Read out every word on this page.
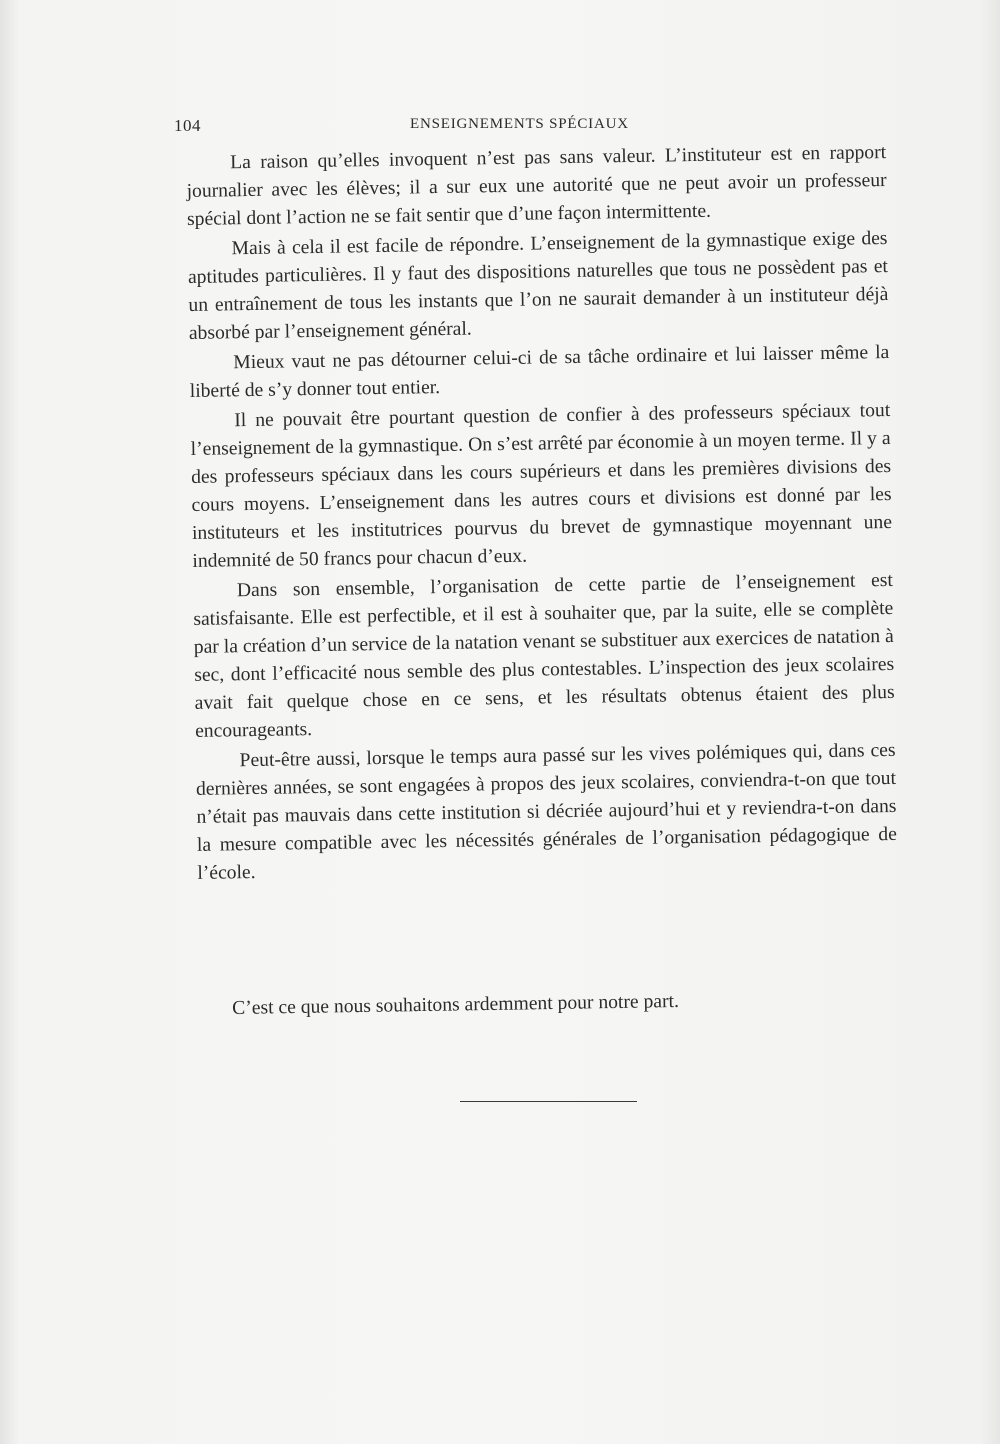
104	ENSEIGNEMENTS SPÉCIAUX

La raison qu’elles invoquent n’est pas sans valeur. L’instituteur est en rapport journalier avec les élèves; il a sur eux une autorité que ne peut avoir un professeur spécial dont l’action ne se fait sentir que d’une façon intermittente.

Mais à cela il est facile de répondre. L’enseignement de la gymnastique exige des aptitudes particulières. Il y faut des dispositions naturelles que tous ne possèdent pas et un entraînement de tous les instants que l’on ne saurait demander à un instituteur déjà absorbé par l’enseignement général.

Mieux vaut ne pas détourner celui-ci de sa tâche ordinaire et lui laisser même la liberté de s’y donner tout entier.

Il ne pouvait être pourtant question de confier à des professeurs spéciaux tout l’enseignement de la gymnastique. On s’est arrêté par économie à un moyen terme. Il y a des professeurs spéciaux dans les cours supérieurs et dans les premières divisions des cours moyens. L’enseignement dans les autres cours et divisions est donné par les instituteurs et les institutrices pourvus du brevet de gymnastique moyennant une indemnité de 50 francs pour chacun d’eux.

Dans son ensemble, l’organisation de cette partie de l’enseignement est satisfaisante. Elle est perfectible, et il est à souhaiter que, par la suite, elle se complète par la création d’un service de la natation venant se substituer aux exercices de natation à sec, dont l’efficacité nous semble des plus contestables. L’inspection des jeux scolaires avait fait quelque chose en ce sens, et les résultats obtenus étaient des plus encourageants.

Peut-être aussi, lorsque le temps aura passé sur les vives polémiques qui, dans ces dernières années, se sont engagées à propos des jeux scolaires, conviendra-t-on que tout n’était pas mauvais dans cette institution si décriée aujourd’hui et y reviendra-t-on dans la mesure compatible avec les nécessités générales de l’organisation pédagogique de l’école.

C’est ce que nous souhaitons ardemment pour notre part.
